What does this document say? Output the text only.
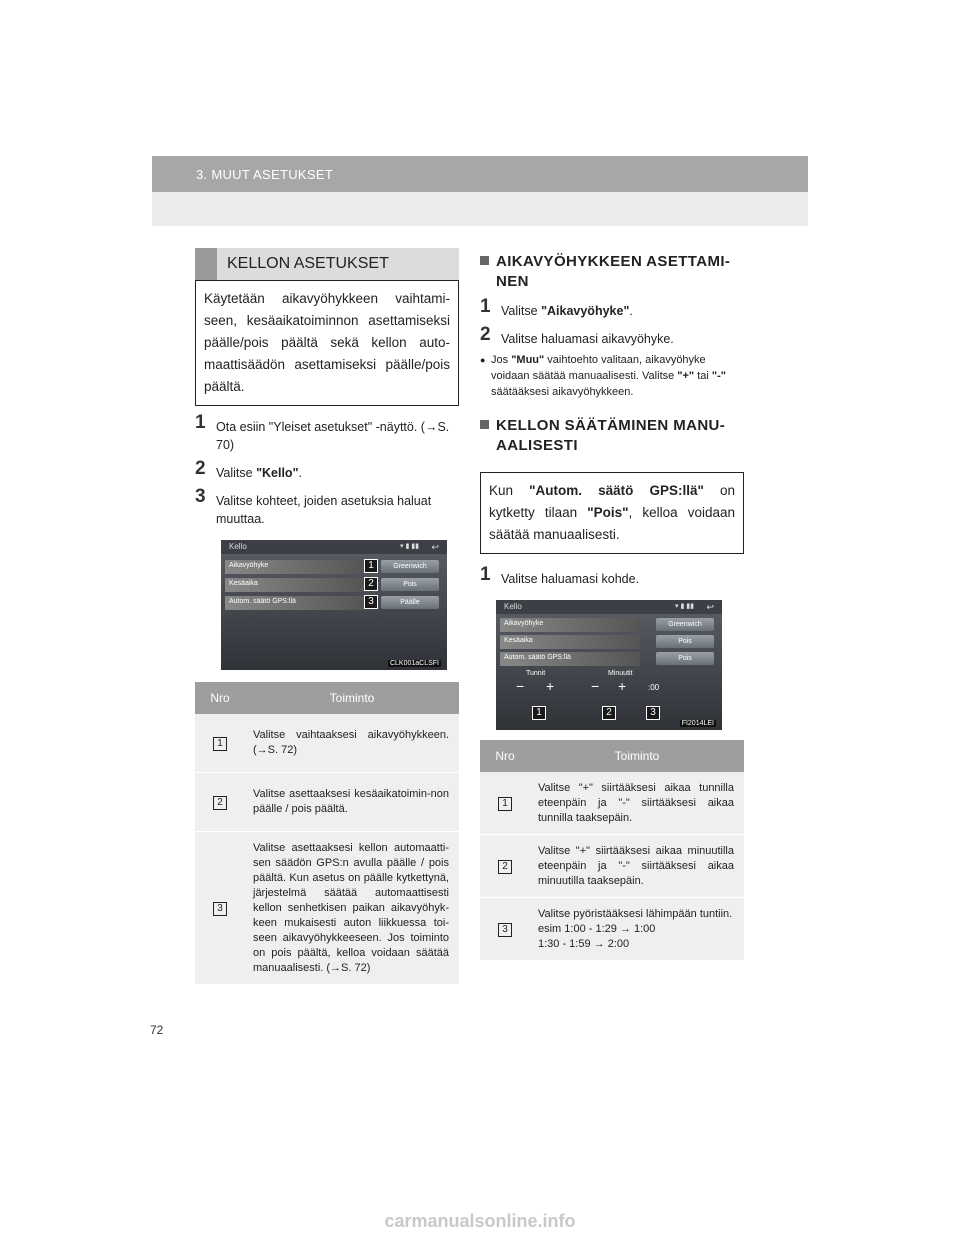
3. MUUT ASETUKSET
KELLON ASETUKSET
Käytetään aikavyöhykkeen vaihtami-seen, kesäaikatoiminnon asettamiseksi päälle/pois päältä sekä kellon auto-maattisäädön asettamiseksi päälle/pois päältä.
1 Ota esiin "Yleiset asetukset" -näyttö. (→S. 70)
2 Valitse "Kello".
3 Valitse kohteet, joiden asetuksia haluat muuttaa.
Kello	▾ ▮ ▮▮ ↩
Aikavyöhyke
Kesäaika
Autom. säätö GPS:llä
Greenwich
Pois
Päälle
1
2
3
CLK001aCLSFI
Nro	Toiminto
1	Valitse vaihtaaksesi aikavyöhykkeen. (→S. 72)
2	Valitse asettaaksesi kesäaikatoimin-non päälle / pois päältä.
3	Valitse asettaaksesi kellon automaatti-sen säädön GPS:n avulla päälle / pois päältä. Kun asetus on päälle kytkettynä, järjestelmä säätää automaattisesti kellon senhetkisen paikan aikavyöhyk-keen mukaisesti auton liikkuessa toi-seen aikavyöhykkeeseen. Jos toiminto on pois päältä, kelloa voidaan säätää manuaalisesti. (→S. 72)
AIKAVYÖHYKKEEN ASETTAMI-NEN
1 Valitse "Aikavyöhyke".
2 Valitse haluamasi aikavyöhyke.
● Jos "Muu" vaihtoehto valitaan, aikavyöhyke voidaan säätää manuaalisesti. Valitse "+" tai "-" säätääksesi aikavyöhykkeen.
KELLON SÄÄTÄMINEN MANU-AALISESTI
Kun "Autom. säätö GPS:llä" on kytketty tilaan "Pois", kelloa voidaan säätää manuaalisesti.
1 Valitse haluamasi kohde.
Kello	▾ ▮ ▮▮ ↩
Aikavyöhyke
Kesäaika
Autom. säätö GPS:llä
Greenwich
Pois
Pois
Tunnit	Minuutit
− +	− +	:00
1	2	3
FI2014LEI
Nro	Toiminto
1	Valitse "+" siirtääksesi aikaa tunnilla eteenpäin ja "-" siirtääksesi aikaa tunnilla taaksepäin.
2	Valitse "+" siirtääksesi aikaa minuutilla eteenpäin ja "-" siirtääksesi aikaa minuutilla taaksepäin.
3	Valitse pyöristääksesi lähimpään tuntiin.
esim 1:00 - 1:29 → 1:00
1:30 - 1:59 → 2:00
72
carmanualsonline.info
